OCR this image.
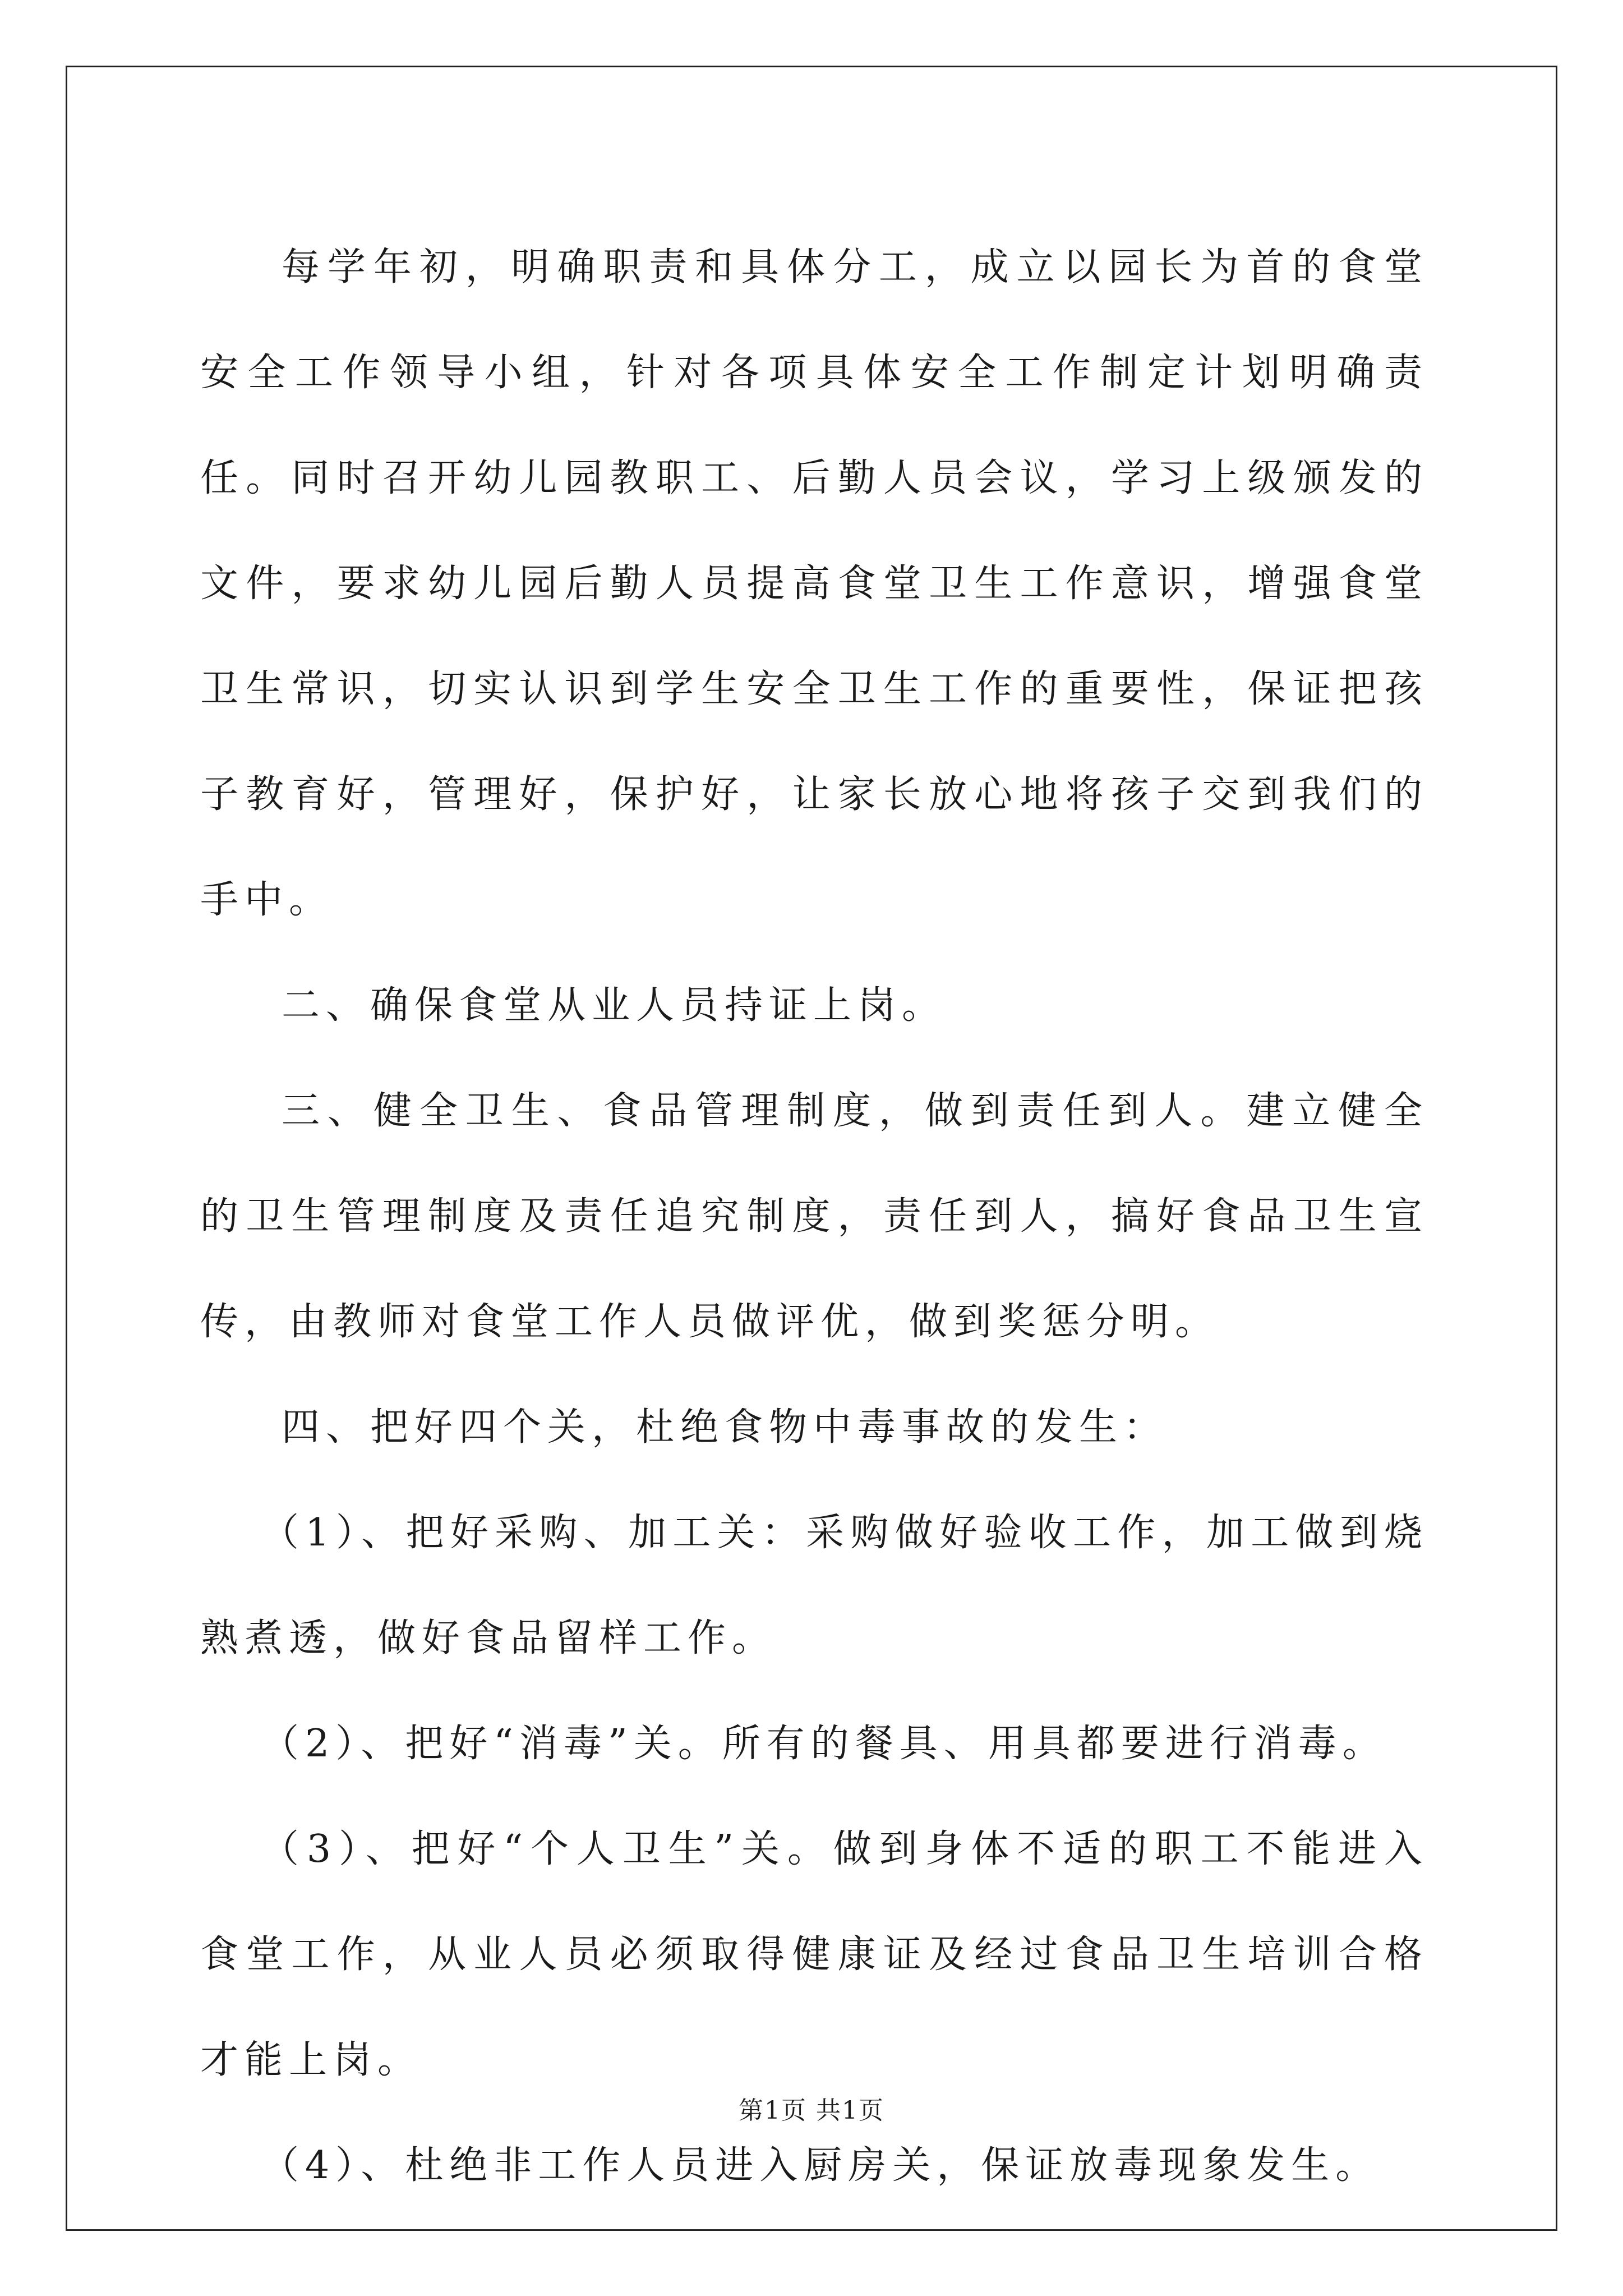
每学年初，明确职责和具体分工，成立以园长为首的食堂安全工作领导小组，针对各项具体安全工作制定计划明确责任。同时召开幼儿园教职工、后勤人员会议，学习上级颁发的文件，要求幼儿园后勤人员提高食堂卫生工作意识，增强食堂卫生常识，切实认识到学生安全卫生工作的重要性，保证把孩子教育好，管理好，保护好，让家长放心地将孩子交到我们的手中。

二、确保食堂从业人员持证上岗。

三、健全卫生、食品管理制度，做到责任到人。建立健全的卫生管理制度及责任追究制度，责任到人，搞好食品卫生宣传，由教师对食堂工作人员做评优，做到奖惩分明。

四、把好四个关，杜绝食物中毒事故的发生：

（1）、把好采购、加工关：采购做好验收工作，加工做到烧熟煮透，做好食品留样工作。

（2）、把好“消毒”关。所有的餐具、用具都要进行消毒。

（3）、把好“个人卫生”关。做到身体不适的职工不能进入食堂工作，从业人员必须取得健康证及经过食品卫生培训合格才能上岗。

（4）、杜绝非工作人员进入厨房关，保证放毒现象发生。

第1页 共1页
